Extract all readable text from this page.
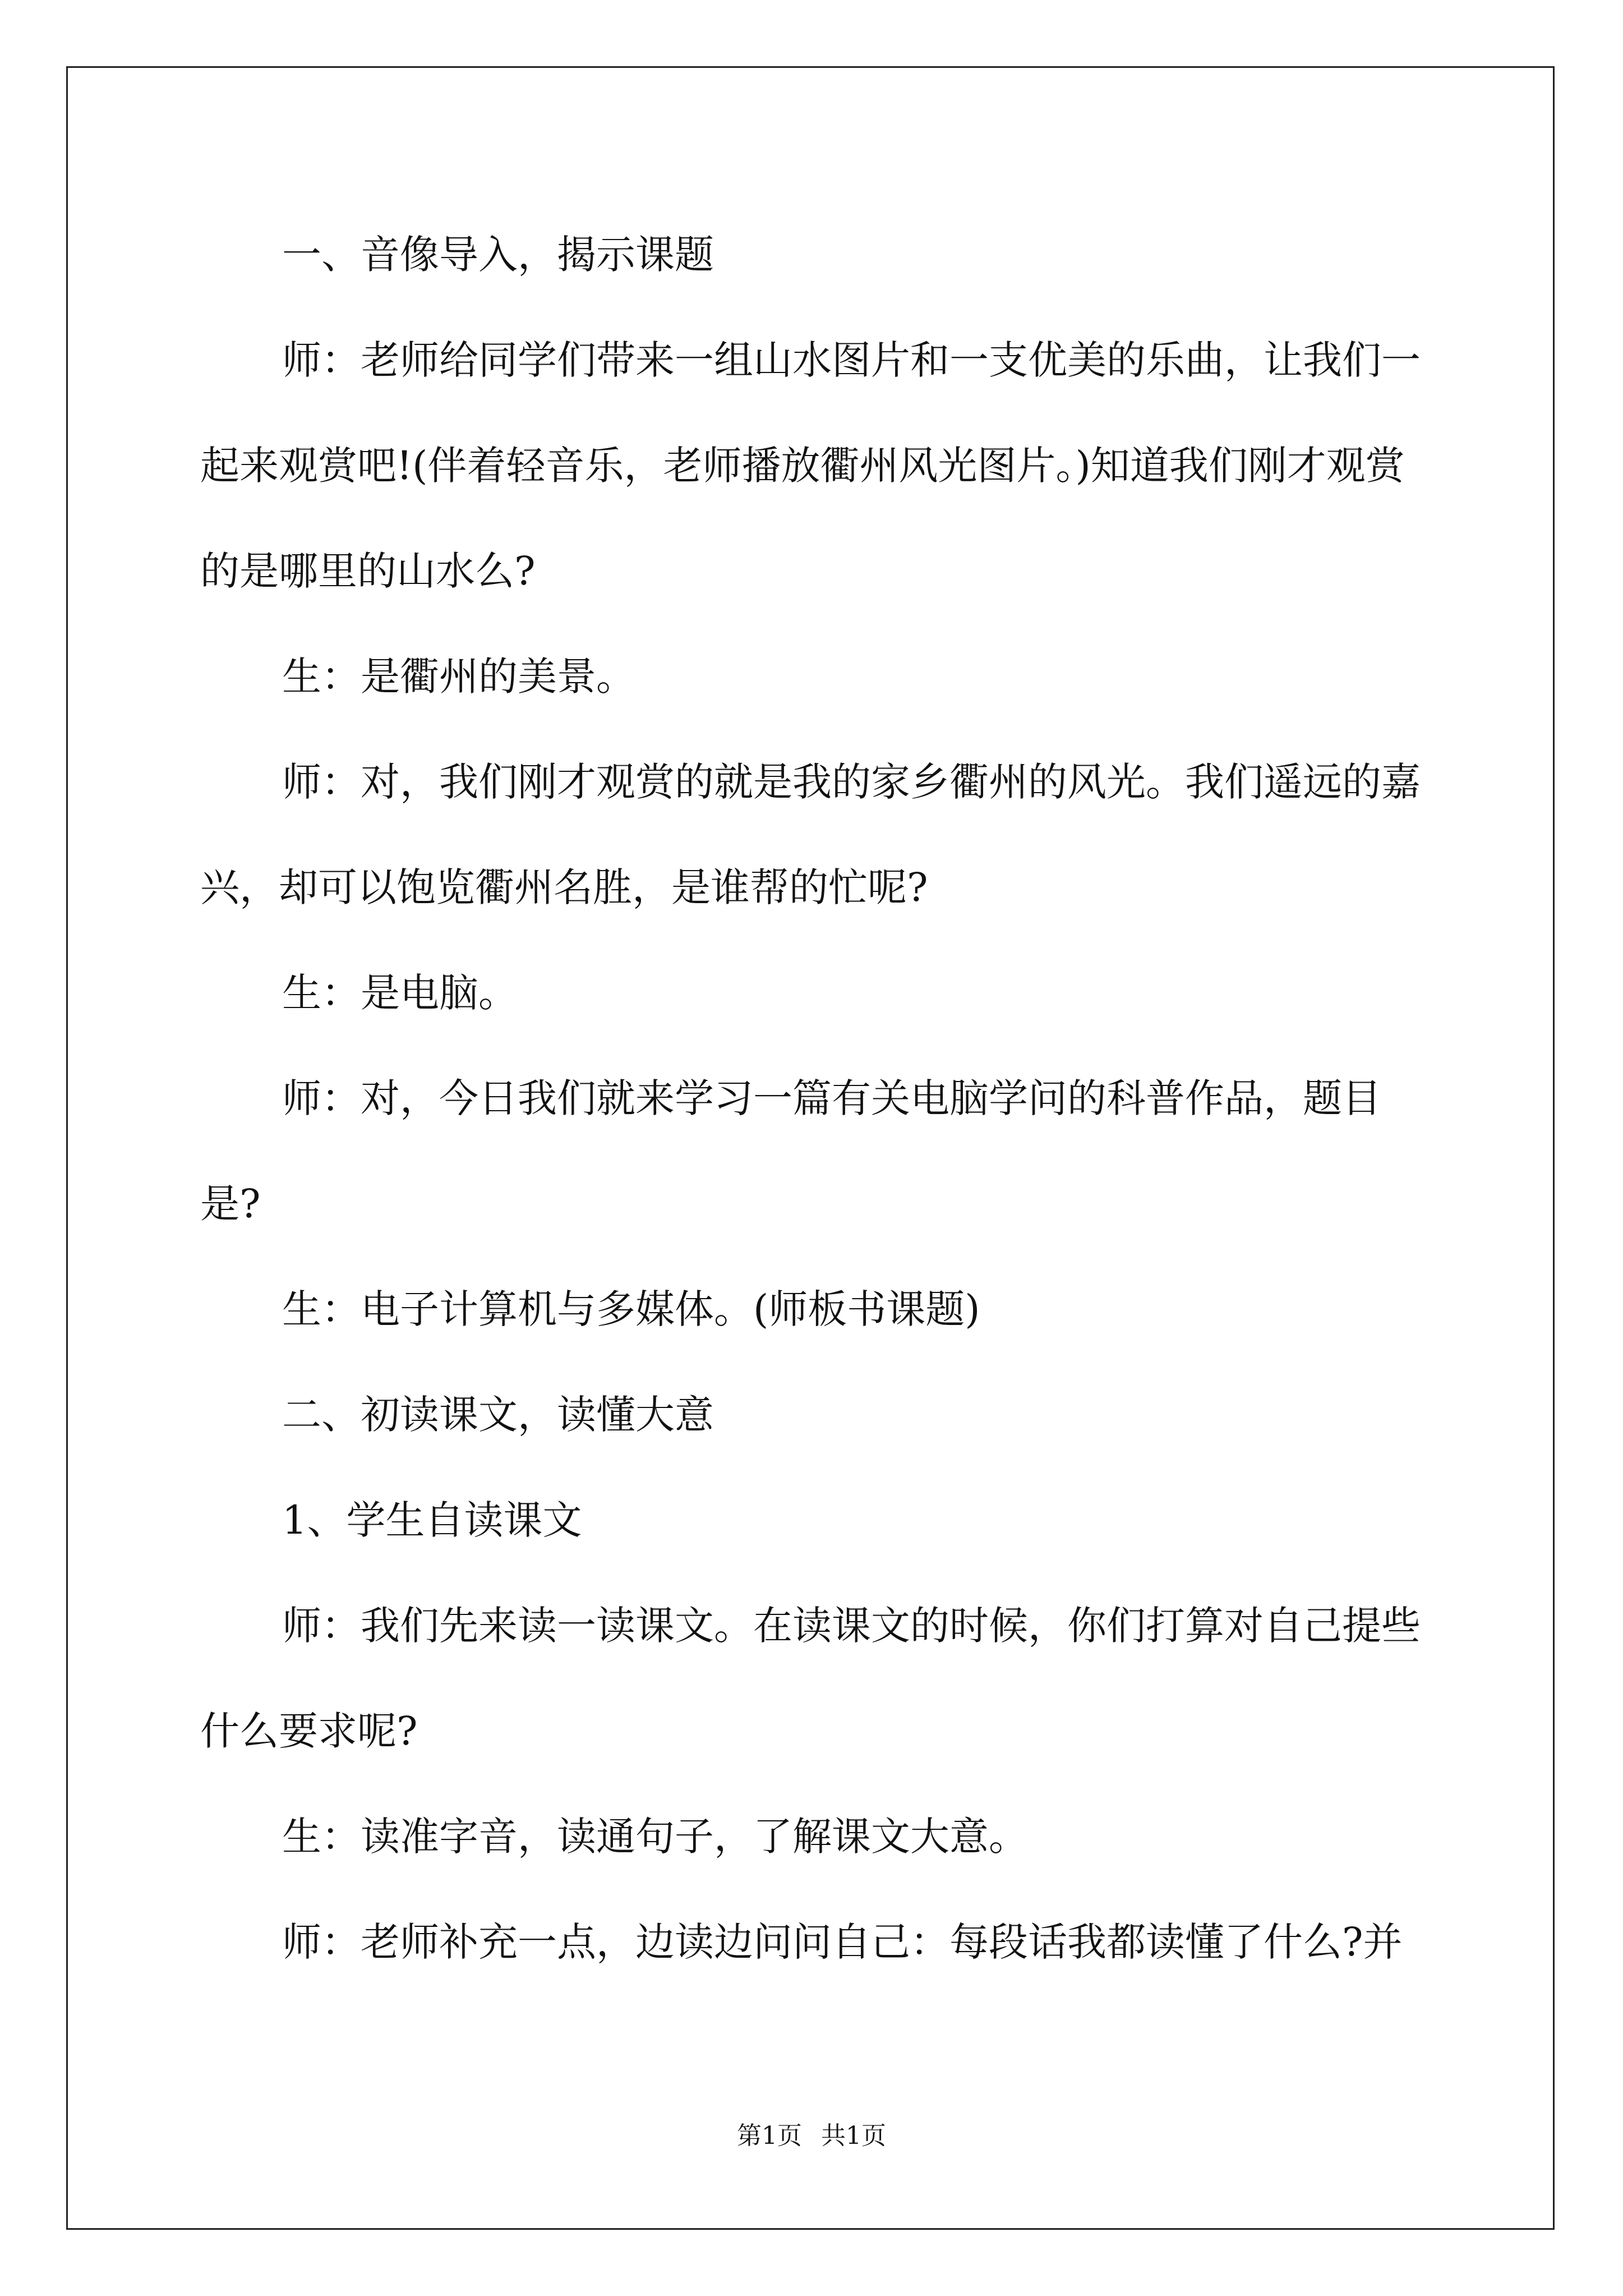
一、音像导入，揭示课题

师：老师给同学们带来一组山水图片和一支优美的乐曲，让我们一起来观赏吧!(伴着轻音乐，老师播放衢州风光图片。)知道我们刚才观赏的是哪里的山水么?

生：是衢州的美景。

师：对，我们刚才观赏的就是我的家乡衢州的风光。我们遥远的嘉兴，却可以饱览衢州名胜，是谁帮的忙呢?

生：是电脑。

师：对，今日我们就来学习一篇有关电脑学问的科普作品，题目是?

生：电子计算机与多媒体。(师板书课题)

二、初读课文，读懂大意

1、学生自读课文

师：我们先来读一读课文。在读课文的时候，你们打算对自己提些什么要求呢?

生：读准字音，读通句子，了解课文大意。

师：老师补充一点，边读边问问自己：每段话我都读懂了什么?并

第1页 共1页
